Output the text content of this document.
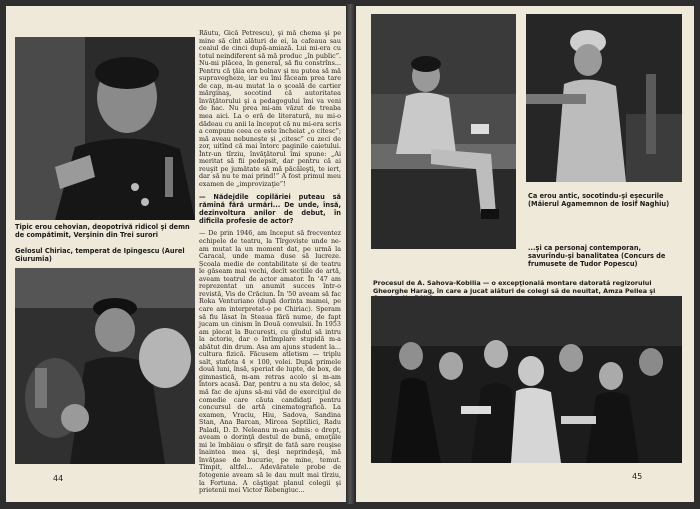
Tipic erou cehovian, deopotrivă ridicol şi demn de compătimit, Verşinin din Trei surori
Gelosul Chiriac, temperat de Ipingescu (Aurel Giurumia)

Răutu, Gică Petrescu), şi mă chema şi pe mine să cînt alături de ei, la cafeaua sau ceaiul de cinci după-amiază. Lui mi-era cu totul neindiferent să mă produc „în public”. Nu-mi plăcea, în general, să fiu constrîns... Pentru că ţăia era bolnav şi nu putea să mă supravegheze, iar eu îmi făceam prea tare de cap, m-au mutat la o şcoală de cartier mărginaş, socotind că autoritatea învăţătorului şi a pedagogului îmi va veni de hac. Nu prea mi-am văzut de treaba mea aici. La o eră de literatură, nu mi-o dădeau cu anii la început că nu mi-era scris a compune ceea ce este încheiat „o citesc”; mă aveau nebunește și „citesc” cu zeci de zor, uitînd că mai întorc paginile caietului. Într-un tîrziu, învăţătorul îmi spune: „Ai meritat să fii pedepsit, dar pentru că ai reuşit pe jumătate să mă păcăleşti, te iert, dar să nu te mai prind!” A fost primul meu examen de „improvizaţie”!

— Nădejdile copilăriei puteau să rămînă fără urmări... De unde, însă, dezinvoltura anilor de debut, în dificila profesie de actor?

— De prin 1946, am început să frecventez echipele de teatru, la Tîrgoviște unde ne-am mutat la un moment dat, pe urmă la Caracal, unde mama duse să lucreze. Școala medie de contabilitate și de teatru le găseam mai vechi, decît secțiile de artă, aveam teatrul de actor amator. În '47 am reprezentat un anumit succes într-o revistă, Vis de Crăciun. În '50 aveam să fac Roka Venturiano (după dorința mamei, pe care am interpretat-o pe Chiriac). Speram să fiu lăsat în Steaua fără nume, de fapt jucam un cinism în Două convulsii. În 1953 am plecat la București, cu gîndul să intru la actorie, dar o întîmplare stupidă m-a abătut din drum. Asa am ajuns student la... cultura fizică. Făcusem atletism — triplu salt, ștafeta 4 × 100, volei. După primele două luni, însă, speriat de lupte, de box, de gimnastică, m-am retras acolo și m-am întors acasă. Dar, pentru a nu sta deloc, să mă fac de ajuns să-mi văd de exerciţiul de comedie care căuta candidaţi pentru concursul de artă cinematografică. La examen, Vraciu, Hiu, Sadova, Sandina Stan, Ana Barcan, Mircea Șeptilici, Radu Paladi, D. D. Neleanu m-au admis: e drept, aveam o dorinţă destul de bună, emoţiile mi le îmbăiau o sfîrşit de fată sare reuşise înaintea mea şi, deşi neprindeşă, mă învăţase de bucurie, pe mine, temut. Tîmpit, altfel... Adevăratele probe de fotogenie aveam să le dau mult mai tîrziu, la Fortuna. A câştigat planul colegii şi prietenii mei Victor Rebengiuc...

44
Ca erou antic, socotindu-şi eşecurile (Măierul Agamemnon de Iosif Naghiu)
...şi ca personaj contemporan, savurîndu-şi banalitatea (Concurs de frumusete de Tudor Popescu)
Procesul de A. Sahova-Kobilia — o excepţională montare datorată regizorului Gheorghe Harag, în care a jucat alături de colegi să de neuitat, Amza Pellea şi
45
